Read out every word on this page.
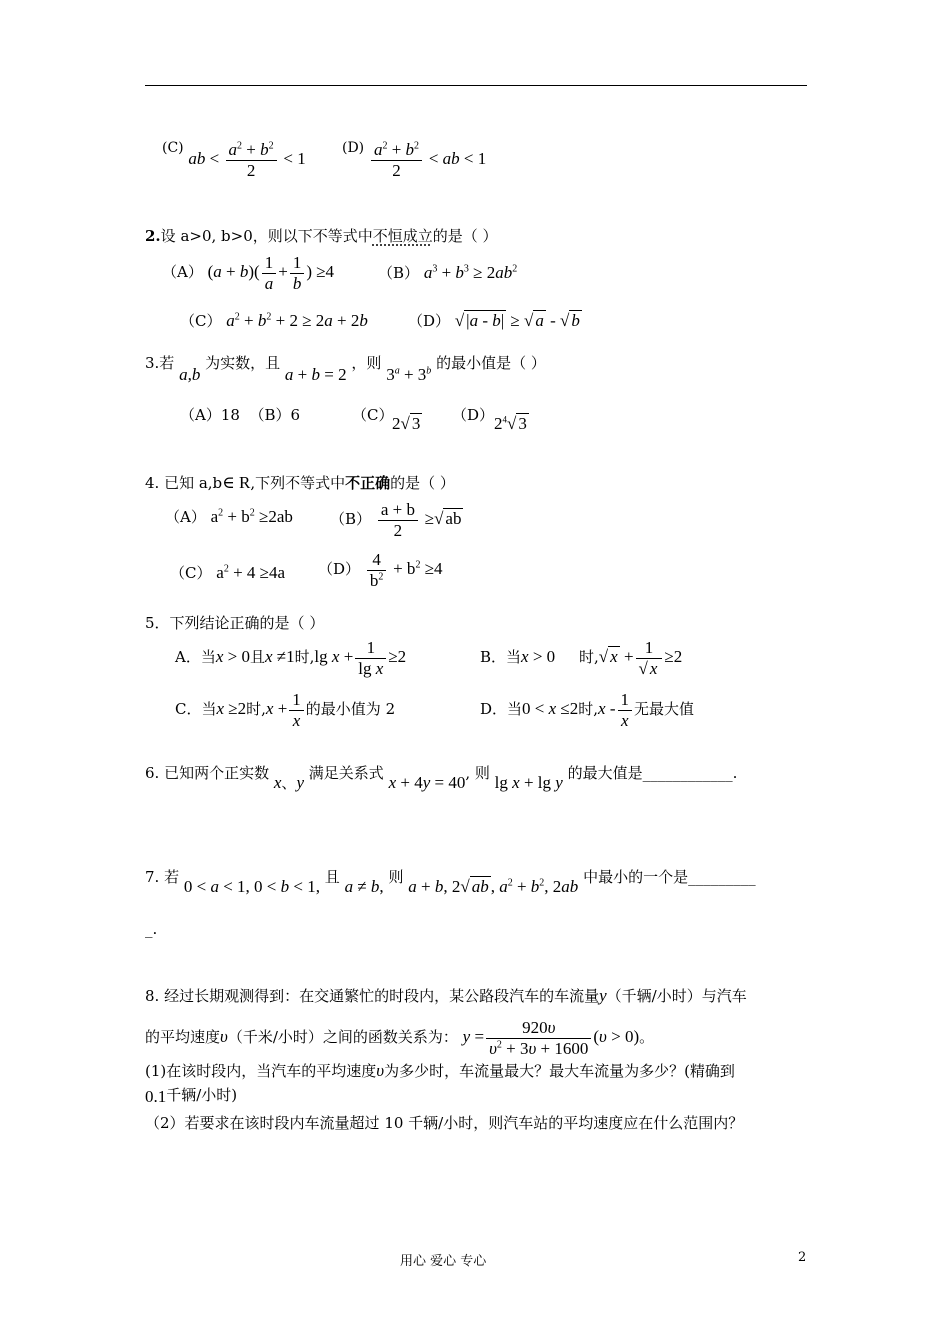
(C) ab < $\frac{a^2 + b^2}{2} < 1$
$(D) \frac{a^2 + b^2}{2}$ < ab < 1
2.设 a>0, b>0，则以下不等式中不恒成立的是（ ）
（A） $(a + b)( \frac{1}{a} + \frac{1}{b}$ ) ≥4	（B） $a^3 + b^3 \ge 2ab^2$
（C） $a^2 + b^2 + 2 \ge 2a + 2b$	（D） √ |a - b| ≥ √ a - √ b
3.若 a,b 为实数，且 a + b = 2 ，则 $3^a + 3^b$ 的最小值是（ ）
（A）18 （B）6	（C）
2√ 3 （D） $2^4√$ 3
4. 已知 a,b∈ R,下列不等式中不正确的是（ ）
（A） $a^2 + b^2 \ge 2ab$ $(B) \frac{a + b}{2}$ ≥√ ab
（C） $a^2 + 4 \ge 4a$ $(D) \frac{4}{b^2} + b^2 \ge 4$
5．下列结论正确的是（ ）
A．当x > 0且x ≠1时,lg $x + \frac{1}{\text{lg x}} \ge 2$	B．当x > 0 时,√ $x + \frac{1}{√ x} \ge 2$
C．当x ≥2时$,x + \frac{1}{x}$ 的最小值为 2	D．当0 < x ≤2时,x - $\frac{1}{x}$ 无最大值
6. 已知两个正实数 x、y 满足关系式 x + 4y = 40, 则 lg x + lg y 的最大值是____________.
7. 若 0 < a < 1, 0 < b < 1, 且 a ≠ b, 则 a + b, 2√ ab , $a^2 + b^2$, 2ab 中最小的一个是_________
_.
8. 经过长期观测得到：在交通繁忙的时段内，某公路段汽车的车流量y（千辆/小时）与汽车
的平均速度υ（千米/小时）之间的函数关系为： $y = \frac{920\upsilon}{\upsilon^2 + 3\upsilon + 1600} (\upsilon > 0)$。
(1)在该时段内，当汽车的平均速度υ为多少时，车流量最大？最大车流量为多少？(精确到
0.1千辆/小时)
（2）若要求在该时段内车流量超过 10 千辆/小时，则汽车站的平均速度应在什么范围内？
用心 爱心 专心	2
